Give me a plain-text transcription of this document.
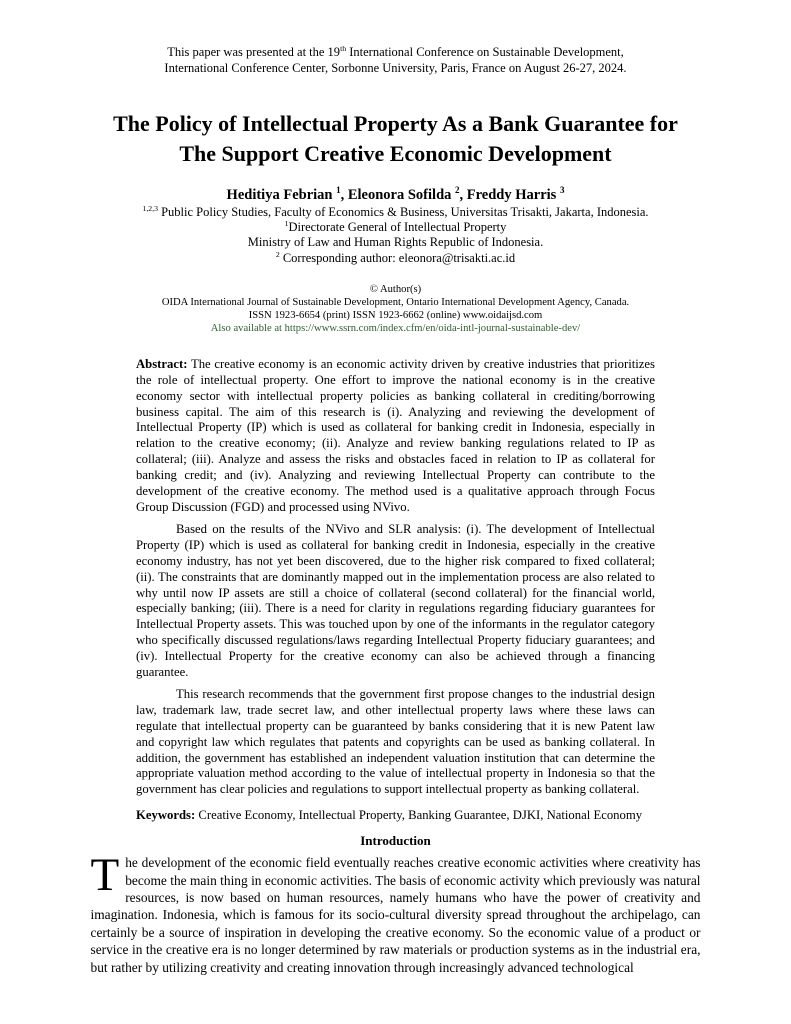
This paper was presented at the 19th International Conference on Sustainable Development,
International Conference Center, Sorbonne University, Paris, France on August 26-27, 2024.
The Policy of Intellectual Property As a Bank Guarantee for
The Support Creative Economic Development
Heditiya Febrian $^1$, Eleonora Sofilda $^2$, Freddy Harris $^3$
$^{1,2,3}$ Public Policy Studies, Faculty of Economics & Business, Universitas Trisakti, Jakarta, Indonesia.
$^1$Directorate General of Intellectual Property
Ministry of Law and Human Rights Republic of Indonesia.
$^2$ Corresponding author: eleonora@trisakti.ac.id
© Author(s)
OIDA International Journal of Sustainable Development, Ontario International Development Agency, Canada.
ISSN 1923-6654 (print) ISSN 1923-6662 (online) www.oidaijsd.com
Also available at https://www.ssrn.com/index.cfm/en/oida-intl-journal-sustainable-dev/

Abstract: The creative economy is an economic activity driven by creative industries that prioritizes the role of intellectual property. One effort to improve the national economy is in the creative economy sector with intellectual property policies as banking collateral in crediting/borrowing business capital. The aim of this research is (i). Analyzing and reviewing the development of Intellectual Property (IP) which is used as collateral for banking credit in Indonesia, especially in relation to the creative economy; (ii). Analyze and review banking regulations related to IP as collateral; (iii). Analyze and assess the risks and obstacles faced in relation to IP as collateral for banking credit; and (iv). Analyzing and reviewing Intellectual Property can contribute to the development of the creative economy. The method used is a qualitative approach through Focus Group Discussion (FGD) and processed using NVivo.

Based on the results of the NVivo and SLR analysis: (i). The development of Intellectual Property (IP) which is used as collateral for banking credit in Indonesia, especially in the creative economy industry, has not yet been discovered, due to the higher risk compared to fixed collateral; (ii). The constraints that are dominantly mapped out in the implementation process are also related to why until now IP assets are still a choice of collateral (second collateral) for the financial world, especially banking; (iii). There is a need for clarity in regulations regarding fiduciary guarantees for Intellectual Property assets. This was touched upon by one of the informants in the regulator category who specifically discussed regulations/laws regarding Intellectual Property fiduciary guarantees; and (iv). Intellectual Property for the creative economy can also be achieved through a financing guarantee.

This research recommends that the government first propose changes to the industrial design law, trademark law, trade secret law, and other intellectual property laws where these laws can regulate that intellectual property can be guaranteed by banks considering that it is new Patent law and copyright law which regulates that patents and copyrights can be used as banking collateral. In addition, the government has established an independent valuation institution that can determine the appropriate valuation method according to the value of intellectual property in Indonesia so that the government has clear policies and regulations to support intellectual property as banking collateral.

Keywords: Creative Economy, Intellectual Property, Banking Guarantee, DJKI, National Economy

Introduction
The development of the economic field eventually reaches creative economic activities where creativity has become the main thing in economic activities. The basis of economic activity which previously was natural resources, is now based on human resources, namely humans who have the power of creativity and imagination. Indonesia, which is famous for its socio-cultural diversity spread throughout the archipelago, can certainly be a source of inspiration in developing the creative economy. So the economic value of a product or service in the creative era is no longer determined by raw materials or production systems as in the industrial era, but rather by utilizing creativity and creating innovation through increasingly advanced technological
